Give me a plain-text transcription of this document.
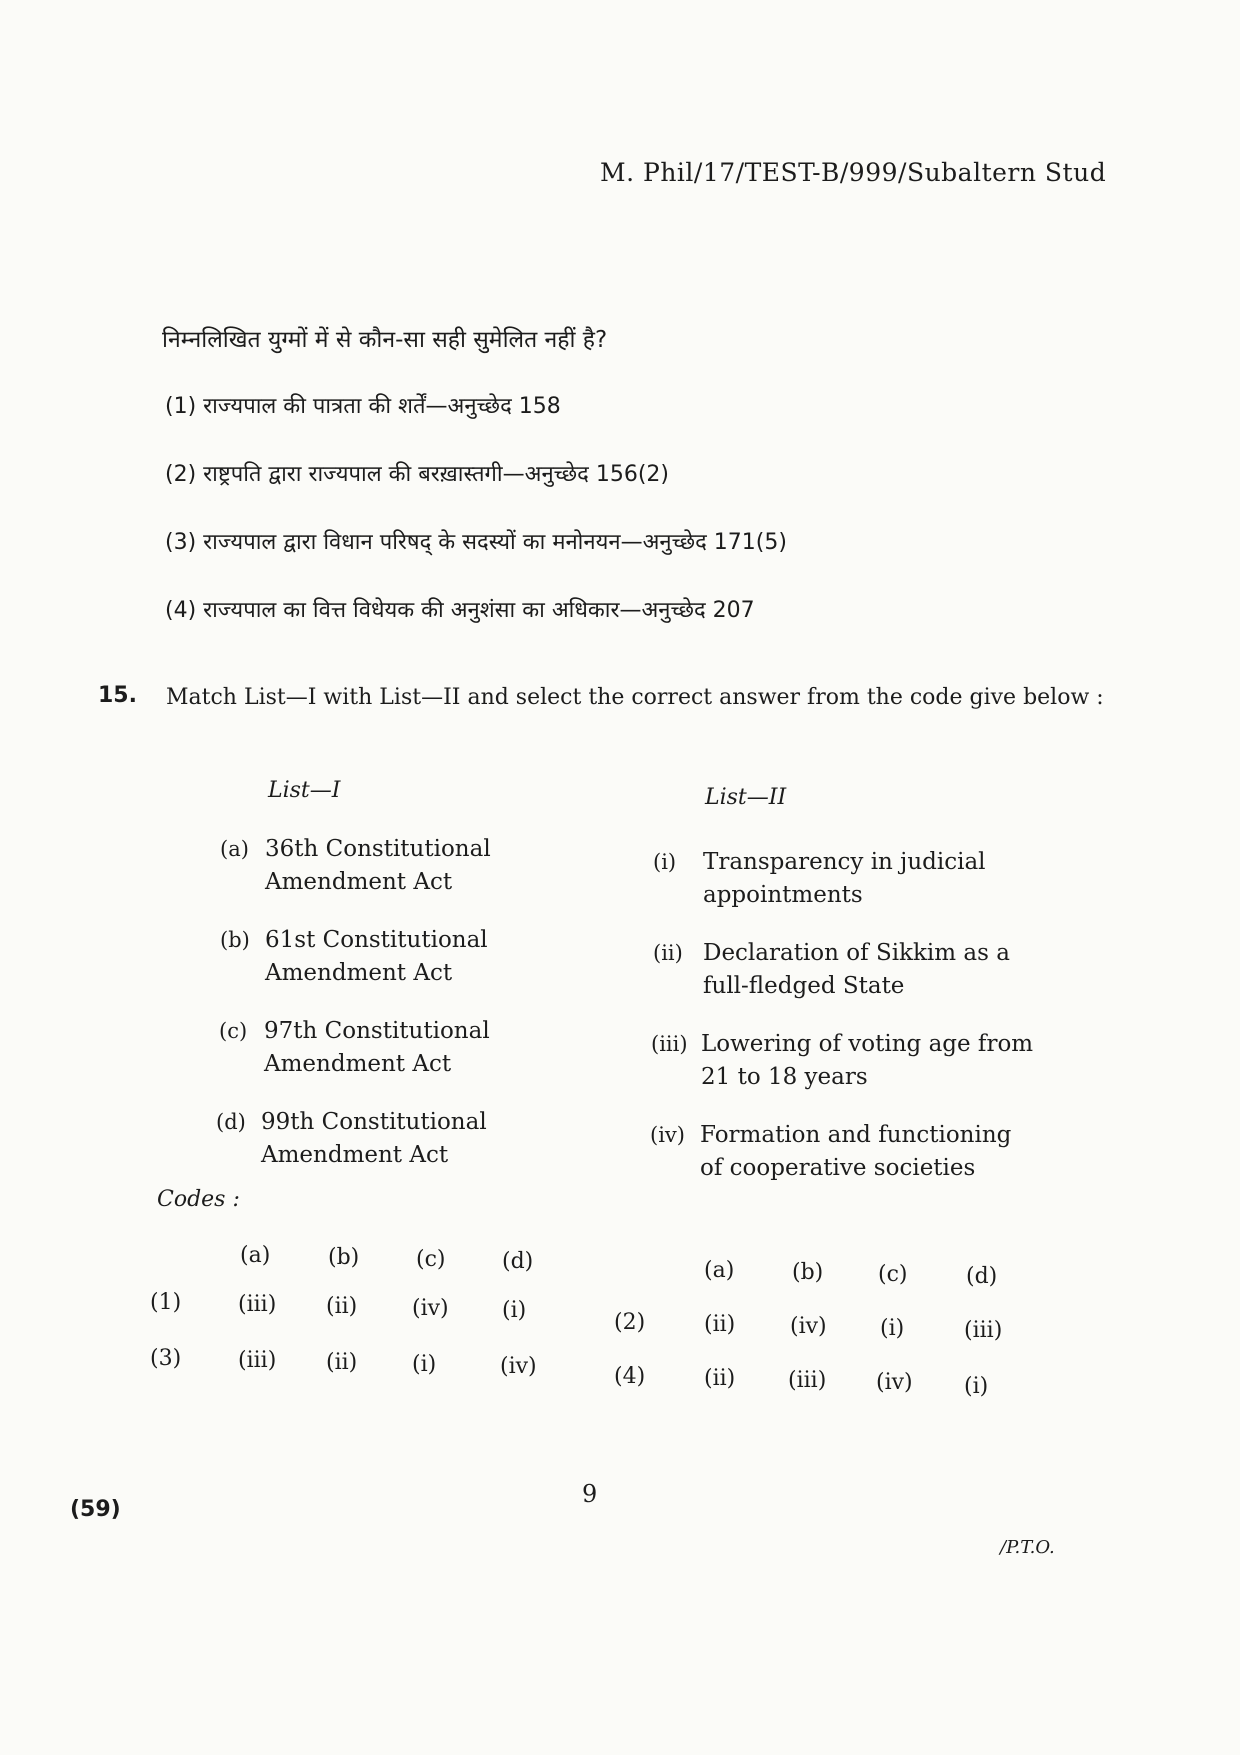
M. Phil/17/TEST-B/999/Subaltern Stud
निम्नलिखित युग्मों में से कौन-सा सही सुमेलित नहीं है?
(1) राज्यपाल की पात्रता की शर्तें—अनुच्छेद 158
(2) राष्ट्रपति द्वारा राज्यपाल की बरख़ास्तगी—अनुच्छेद 156(2)
(3) राज्यपाल द्वारा विधान परिषद् के सदस्यों का मनोनयन—अनुच्छेद 171(5)
(4) राज्यपाल का वित्त विधेयक की अनुशंसा का अधिकार—अनुच्छेद 207
15. Match List—I with List—II and select the correct answer from the code give below :
List—I	List—II
(a) 36th Constitutional
Amendment Act
(b) 61st Constitutional
Amendment Act
(c) 97th Constitutional
Amendment Act
(d) 99th Constitutional
Amendment Act
(i) Transparency in judicial
appointments
(ii) Declaration of Sikkim as a
full-fledged State
(iii) Lowering of voting age from
21 to 18 years
(iv) Formation and functioning
of cooperative societies
Codes :
(a)	(b)	(c)	(d)	(a)	(b) (c)	(d)
(1)	(iii) (ii) (iv) (i)	(2)	(ii) (iv) (i)	(iii)
(3)	(iii) (ii) (i)	(iv)	(4)	(ii) (iii) (iv) (i)
9
(59)
/P.T.O.
